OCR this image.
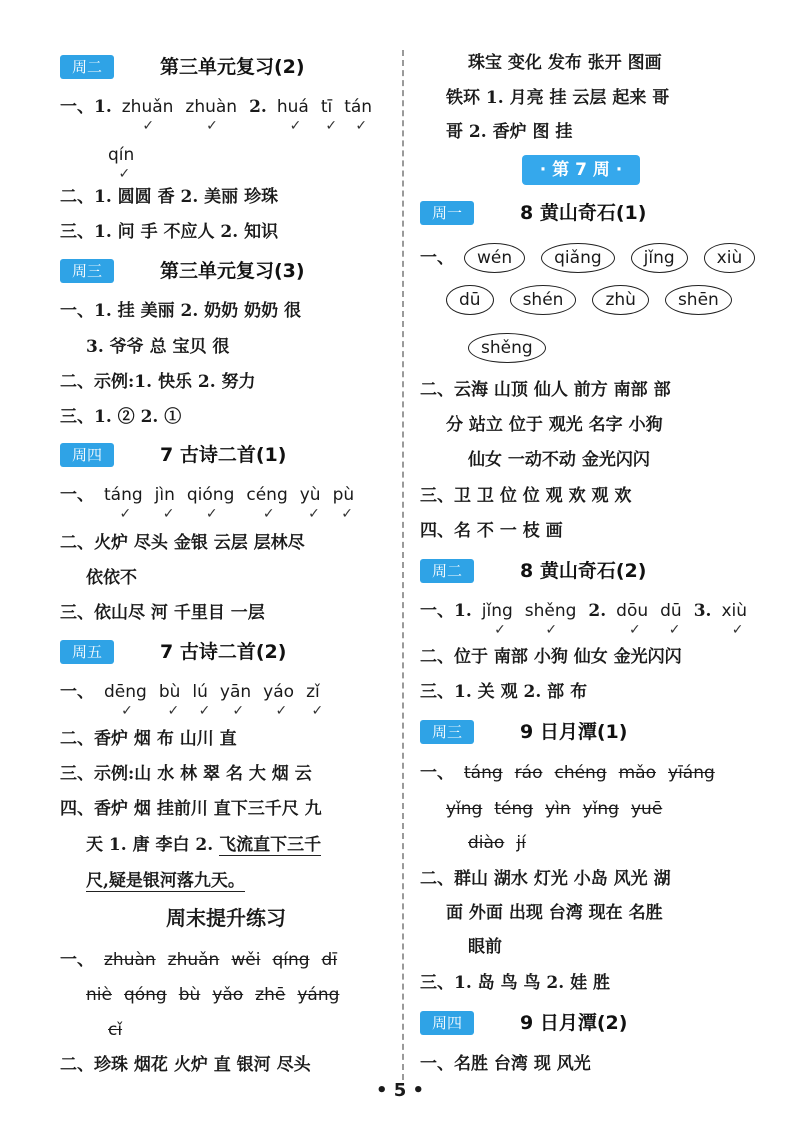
周二	第三单元复习(2)
一、1. zhuǎn ✓ zhuàn ✓ 2. huá ✓ tī ✓ tán ✓
qín ✓
二、1. 圆圆 香 2. 美丽 珍珠
三、1. 问 手 不应人 2. 知识
周三	第三单元复习(3)
一、1. 挂 美丽 2. 奶奶 奶奶 很
3. 爷爷 总 宝贝 很
二、示例:1. 快乐 2. 努力
三、1. ② 2. ①
周四	7 古诗二首(1)
一、 táng ✓ jìn ✓ qióng ✓ céng ✓ yù ✓ pù ✓
二、火炉 尽头 金银 云层 层林尽
依依不
三、依山尽 河 千里目 一层
周五	7 古诗二首(2)
一、 dēng ✓ bù ✓ lú ✓ yān ✓ yáo ✓ zǐ ✓
二、香炉 烟 布 山川 直
三、示例:山 水 林 翠 名 大 烟 云
四、香炉 烟 挂前川 直下三千尺 九
天 1. 唐 李白 2. 飞流直下三千
尺,疑是银河落九天。
周末提升练习
一、 zhuàn zhuǎn wěi qíng dī
niè qóng bù yǎo zhē yáng
cǐ
二、珍珠 烟花 火炉 直 银河 尽头
珠宝 变化 发布 张开 图画
铁环 1. 月亮 挂 云层 起来 哥
哥 2. 香炉 图 挂
· 第 7 周 ·
周一	8 黄山奇石(1)
一、 wén qiǎng jǐng xiù
dū shén zhù shēn
shěng
二、云海 山顶 仙人 前方 南部 部
分 站立 位于 观光 名字 小狗
仙女 一动不动 金光闪闪
三、卫 卫 位 位 观 欢 观 欢
四、名 不 一 枝 画
周二	8 黄山奇石(2)
一、1. jǐng ✓ shěng ✓ 2. dōu ✓ dū ✓ 3. xiù ✓
二、位于 南部 小狗 仙女 金光闪闪
三、1. 关 观 2. 部 布
周三	9 日月潭(1)
一、 táng ráo chéng mǎo yīáng
yǐng téng yìn yǐng yuē
diào jí
二、群山 湖水 灯光 小岛 风光 湖
面 外面 出现 台湾 现在 名胜
眼前
三、1. 岛 鸟 鸟 2. 娃 胜
周四	9 日月潭(2)
一、名胜 台湾 现 风光
• 5 •
